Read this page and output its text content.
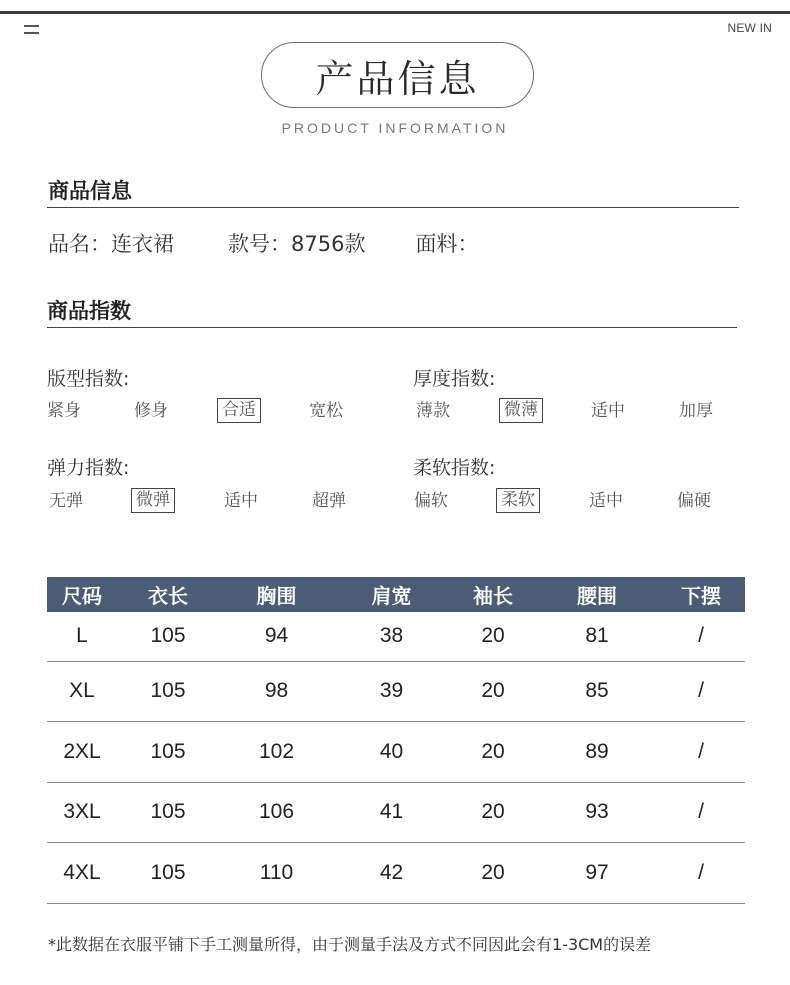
NEW IN
产品信息
PRODUCT INFORMATION
商品信息
品名： 连衣裙	款号： 8756款 面料：
商品指数
版型指数:
紧身	修身	合适	宽松
厚度指数:
薄款	微薄	适中	加厚
弹力指数:
无弹	微弹	适中	超弹
柔软指数:
偏软	柔软	适中	偏硬
尺码	衣长	胸围	肩宽	袖长	腰围	下摆
L	105	94	38	20	81	/
XL	105	98	39	20	85	/
2XL	105	102	40	20	89	/
3XL	105	106	41	20	93	/
4XL	105	110	42	20	97	/
*此数据在衣服平铺下手工测量所得，由于测量手法及方式不同因此会有1-3CM的误差
